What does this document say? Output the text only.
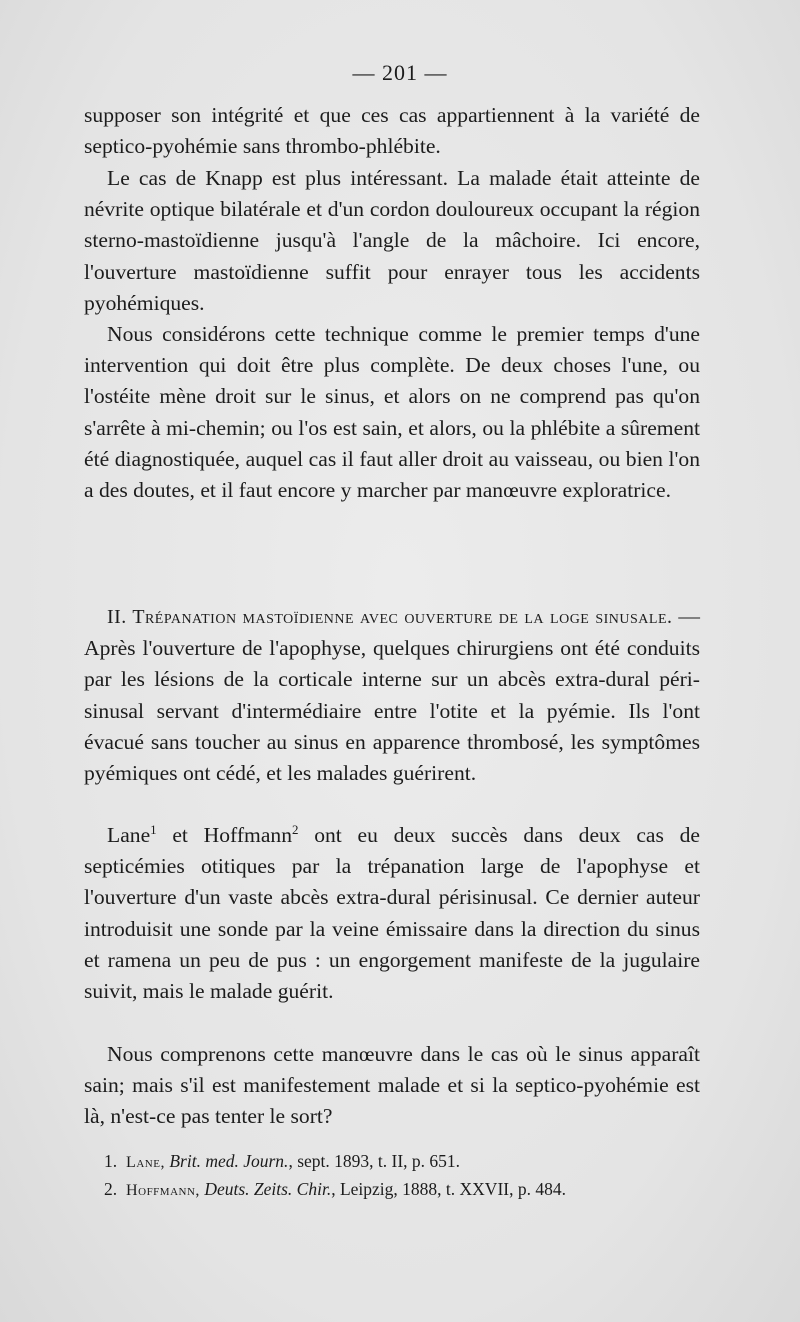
— 201 —

supposer son intégrité et que ces cas appartiennent à la variété de septico-pyohémie sans thrombo-phlébite.

Le cas de Knapp est plus intéressant. La malade était atteinte de névrite optique bilatérale et d'un cordon douloureux occupant la région sterno-mastoïdienne jusqu'à l'angle de la mâchoire. Ici encore, l'ouverture mastoïdienne suffit pour enrayer tous les accidents pyohémiques.

Nous considérons cette technique comme le premier temps d'une intervention qui doit être plus complète. De deux choses l'une, ou l'ostéite mène droit sur le sinus, et alors on ne comprend pas qu'on s'arrête à mi-chemin; ou l'os est sain, et alors, ou la phlébite a sûrement été diagnostiquée, auquel cas il faut aller droit au vaisseau, ou bien l'on a des doutes, et il faut encore y marcher par manœuvre exploratrice.

II. Trépanation mastoïdienne avec ouverture de la loge sinusale. — Après l'ouverture de l'apophyse, quelques chirurgiens ont été conduits par les lésions de la corticale interne sur un abcès extra-dural péri-sinusal servant d'intermédiaire entre l'otite et la pyémie. Ils l'ont évacué sans toucher au sinus en apparence thrombosé, les symptômes pyémiques ont cédé, et les malades guérirent.

Lane$^1$ et Hoffmann$^2$ ont eu deux succès dans deux cas de septicémies otitiques par la trépanation large de l'apophyse et l'ouverture d'un vaste abcès extra-dural périsinusal. Ce dernier auteur introduisit une sonde par la veine émissaire dans la direction du sinus et ramena un peu de pus : un engorgement manifeste de la jugulaire suivit, mais le malade guérit.

Nous comprenons cette manœuvre dans le cas où le sinus apparaît sain; mais s'il est manifestement malade et si la septico-pyohémie est là, n'est-ce pas tenter le sort?

1. Lane, Brit. med. Journ., sept. 1893, t. II, p. 651.
2. Hoffmann, Deuts. Zeits. Chir., Leipzig, 1888, t. XXVII, p. 484.
